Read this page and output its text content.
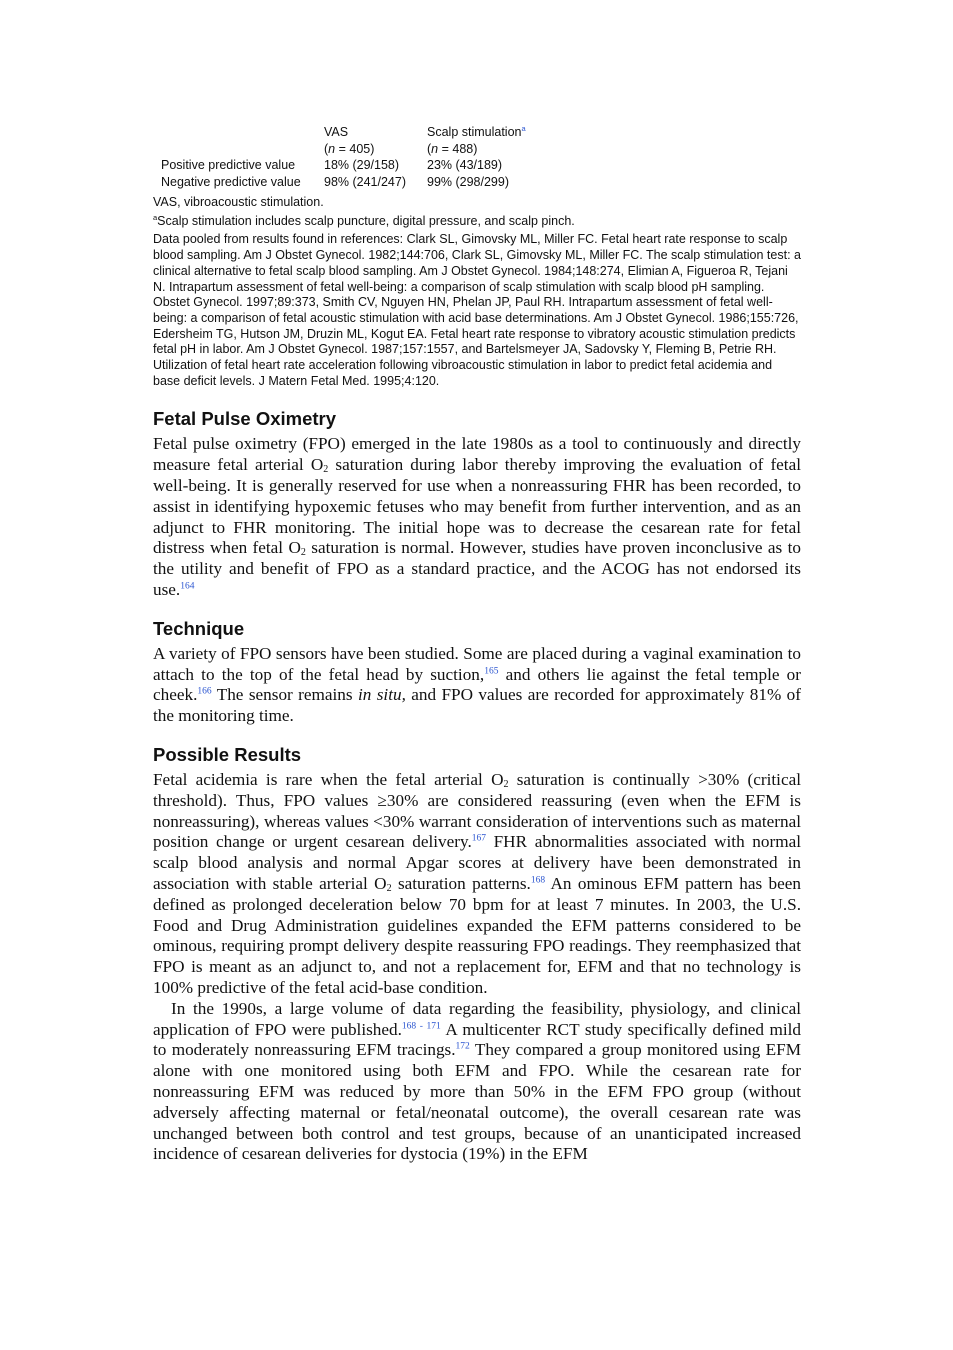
	VAS	Scalp stimulation$^a$
	(n = 405)	(n = 488)
Positive predictive value	18% (29/158)	23% (43/189)
Negative predictive value	98% (241/247)	99% (298/299)

VAS, vibroacoustic stimulation.

$^a$Scalp stimulation includes scalp puncture, digital pressure, and scalp pinch.

Data pooled from results found in references: Clark SL, Gimovsky ML, Miller FC. Fetal heart rate response to scalp blood sampling. Am J Obstet Gynecol. 1982;144:706, Clark SL, Gimovsky ML, Miller FC. The scalp stimulation test: a clinical alternative to fetal scalp blood sampling. Am J Obstet Gynecol. 1984;148:274, Elimian A, Figueroa R, Tejani N. Intrapartum assessment of fetal well-being: a comparison of scalp stimulation with scalp blood pH sampling. Obstet Gynecol. 1997;89:373, Smith CV, Nguyen HN, Phelan JP, Paul RH. Intrapartum assessment of fetal well-being: a comparison of fetal acoustic stimulation with acid base determinations. Am J Obstet Gynecol. 1986;155:726, Edersheim TG, Hutson JM, Druzin ML, Kogut EA. Fetal heart rate response to vibratory acoustic stimulation predicts fetal pH in labor. Am J Obstet Gynecol. 1987;157:1557, and Bartelsmeyer JA, Sadovsky Y, Fleming B, Petrie RH. Utilization of fetal heart rate acceleration following vibroacoustic stimulation in labor to predict fetal acidemia and base deficit levels. J Matern Fetal Med. 1995;4:120.

Fetal Pulse Oximetry

Fetal pulse oximetry (FPO) emerged in the late 1980s as a tool to continuously and directly measure fetal arterial $O_2$ saturation during labor thereby improving the evaluation of fetal well-being. It is generally reserved for use when a nonreassuring FHR has been recorded, to assist in identifying hypoxemic fetuses who may benefit from further intervention, and as an adjunct to FHR monitoring. The initial hope was to decrease the cesarean rate for fetal distress when fetal $O_2$ saturation is normal. However, studies have proven inconclusive as to the utility and benefit of FPO as a standard practice, and the ACOG has not endorsed its use.$^{164}$

Technique

A variety of FPO sensors have been studied. Some are placed during a vaginal examination to attach to the top of the fetal head by suction,$^{165}$ and others lie against the fetal temple or cheek.$^{166}$ The sensor remains in situ, and FPO values are recorded for approximately 81% of the monitoring time.

Possible Results

Fetal acidemia is rare when the fetal arterial $O_2$ saturation is continually >30% (critical threshold). Thus, FPO values ≥30% are considered reassuring (even when the EFM is nonreassuring), whereas values <30% warrant consideration of interventions such as maternal position change or urgent cesarean delivery.$^{167}$ FHR abnormalities associated with normal scalp blood analysis and normal Apgar scores at delivery have been demonstrated in association with stable arterial $O_2$ saturation patterns.$^{168}$ An ominous EFM pattern has been defined as prolonged deceleration below 70 bpm for at least 7 minutes. In 2003, the U.S. Food and Drug Administration guidelines expanded the EFM patterns considered to be ominous, requiring prompt delivery despite reassuring FPO readings. They reemphasized that FPO is meant as an adjunct to, and not a replacement for, EFM and that no technology is 100% predictive of the fetal acid-base condition.

In the 1990s, a large volume of data regarding the feasibility, physiology, and clinical application of FPO were published.$^{168 - 171}$ A multicenter RCT study specifically defined mild to moderately nonreassuring EFM tracings.$^{172}$ They compared a group monitored using EFM alone with one monitored using both EFM and FPO. While the cesarean rate for nonreassuring EFM was reduced by more than 50% in the EFM FPO group (without adversely affecting maternal or fetal/neonatal outcome), the overall cesarean rate was unchanged between both control and test groups, because of an unanticipated increased incidence of cesarean deliveries for dystocia (19%) in the EFM
